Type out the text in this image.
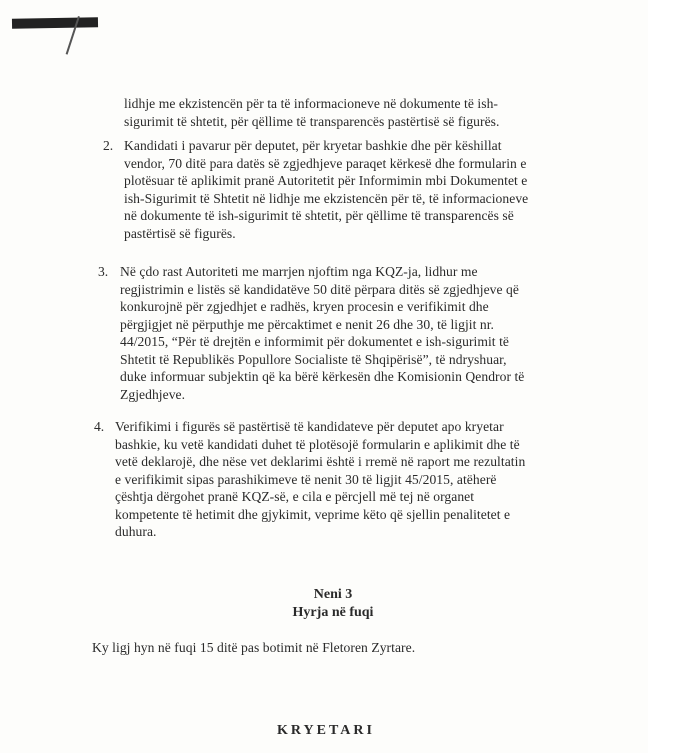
lidhje me ekzistencën për ta të informacioneve në dokumente të ish-
sigurimit të shtetit, për qëllime të transparencës pastërtisë së figurës.
2. Kandidati i pavarur për deputet, për kryetar bashkie dhe për këshillat
vendor, 70 ditë para datës së zgjedhjeve paraqet kërkesë dhe formularin e
plotësuar të aplikimit pranë Autoritetit për Informimin mbi Dokumentet e
ish-Sigurimit të Shtetit në lidhje me ekzistencën për të, të informacioneve
në dokumente të ish-sigurimit të shtetit, për qëllime të transparencës së
pastërtisë së figurës.
3. Në çdo rast Autoriteti me marrjen njoftim nga KQZ-ja, lidhur me
regjistrimin e listës së kandidatëve 50 ditë përpara ditës së zgjedhjeve që
konkurojnë për zgjedhjet e radhës, kryen procesin e verifikimit dhe
përgjigjet në përputhje me përcaktimet e nenit 26 dhe 30, të ligjit nr.
44/2015, “Për të drejtën e informimit për dokumentet e ish-sigurimit të
Shtetit të Republikës Popullore Socialiste të Shqipërisë”, të ndryshuar,
duke informuar subjektin që ka bërë kërkesën dhe Komisionin Qendror të
Zgjedhjeve.
4. Verifikimi i figurës së pastërtisë të kandidateve për deputet apo kryetar
bashkie, ku vetë kandidati duhet të plotësojë formularin e aplikimit dhe të
vetë deklarojë, dhe nëse vet deklarimi është i rremë në raport me rezultatin
e verifikimit sipas parashikimeve të nenit 30 të ligjit 45/2015, atëherë
çështja dërgohet pranë KQZ-së, e cila e përcjell më tej në organet
kompetente të hetimit dhe gjykimit, veprime këto që sjellin penalitetet e
duhura.
Neni 3
Hyrja në fuqi
Ky ligj hyn në fuqi 15 ditë pas botimit në Fletoren Zyrtare.
KRYETARI
